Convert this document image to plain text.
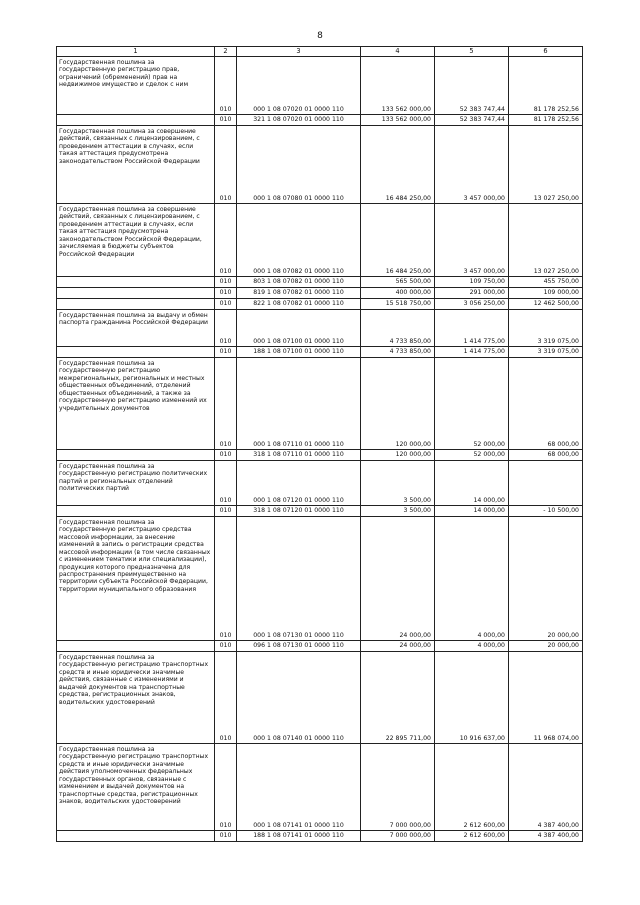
8
1	2	3	4	5	6
Государственная пошлина за государственную регистрацию прав, ограничений (обременений) прав на недвижимое имущество и сделок с ним	010	000 1 08 07020 01 0000 110	133 562 000,00	52 383 747,44	81 178 252,56
	010	321 1 08 07020 01 0000 110	133 562 000,00	52 383 747,44	81 178 252,56
Государственная пошлина за совершение действий, связанных с лицензированием, с проведением аттестации в случаях, если такая аттестация предусмотрена законодательством Российской Федерации	010	000 1 08 07080 01 0000 110	16 484 250,00	3 457 000,00	13 027 250,00
Государственная пошлина за совершение действий, связанных с лицензированием, с проведением аттестации в случаях, если такая аттестация предусмотрена законодательством Российской Федерации, зачисляемая в бюджеты субъектов Российской Федерации	010	000 1 08 07082 01 0000 110	16 484 250,00	3 457 000,00	13 027 250,00
	010	803 1 08 07082 01 0000 110	565 500,00	109 750,00	455 750,00
	010	819 1 08 07082 01 0000 110	400 000,00	291 000,00	109 000,00
	010	822 1 08 07082 01 0000 110	15 518 750,00	3 056 250,00	12 462 500,00
Государственная пошлина за выдачу и обмен паспорта гражданина Российской Федерации	010	000 1 08 07100 01 0000 110	4 733 850,00	1 414 775,00	3 319 075,00
	010	188 1 08 07100 01 0000 110	4 733 850,00	1 414 775,00	3 319 075,00
Государственная пошлина за государственную регистрацию межрегиональных, региональных и местных общественных объединений, отделений общественных объединений, а также за государственную регистрацию изменений их учредительных документов	010	000 1 08 07110 01 0000 110	120 000,00	52 000,00	68 000,00
	010	318 1 08 07110 01 0000 110	120 000,00	52 000,00	68 000,00
Государственная пошлина за государственную регистрацию политических партий и региональных отделений политических партий	010	000 1 08 07120 01 0000 110	3 500,00	14 000,00	
	010	318 1 08 07120 01 0000 110	3 500,00	14 000,00	- 10 500,00
Государственная пошлина за государственную регистрацию средства массовой информации, за внесение изменений в запись о регистрации средства массовой информации (в том числе связанных с изменением тематики или специализации), продукция которого предназначена для распространения преимущественно на территории субъекта Российской Федерации, территории муниципального образования	010	000 1 08 07130 01 0000 110	24 000,00	4 000,00	20 000,00
	010	096 1 08 07130 01 0000 110	24 000,00	4 000,00	20 000,00
Государственная пошлина за государственную регистрацию транспортных средств и иные юридически значимые действия, связанные с изменениями и выдачей документов на транспортные средства, регистрационных знаков, водительских удостоверений	010	000 1 08 07140 01 0000 110	22 895 711,00	10 916 637,00	11 968 074,00
Государственная пошлина за государственную регистрацию транспортных средств и иные юридически значимые действия уполномоченных федеральных государственных органов, связанные с изменением и выдачей документов на транспортные средства, регистрационных знаков, водительских удостоверений	010	000 1 08 07141 01 0000 110	7 000 000,00	2 612 600,00	4 387 400,00
	010	188 1 08 07141 01 0000 110	7 000 000,00	2 612 600,00	4 387 400,00
